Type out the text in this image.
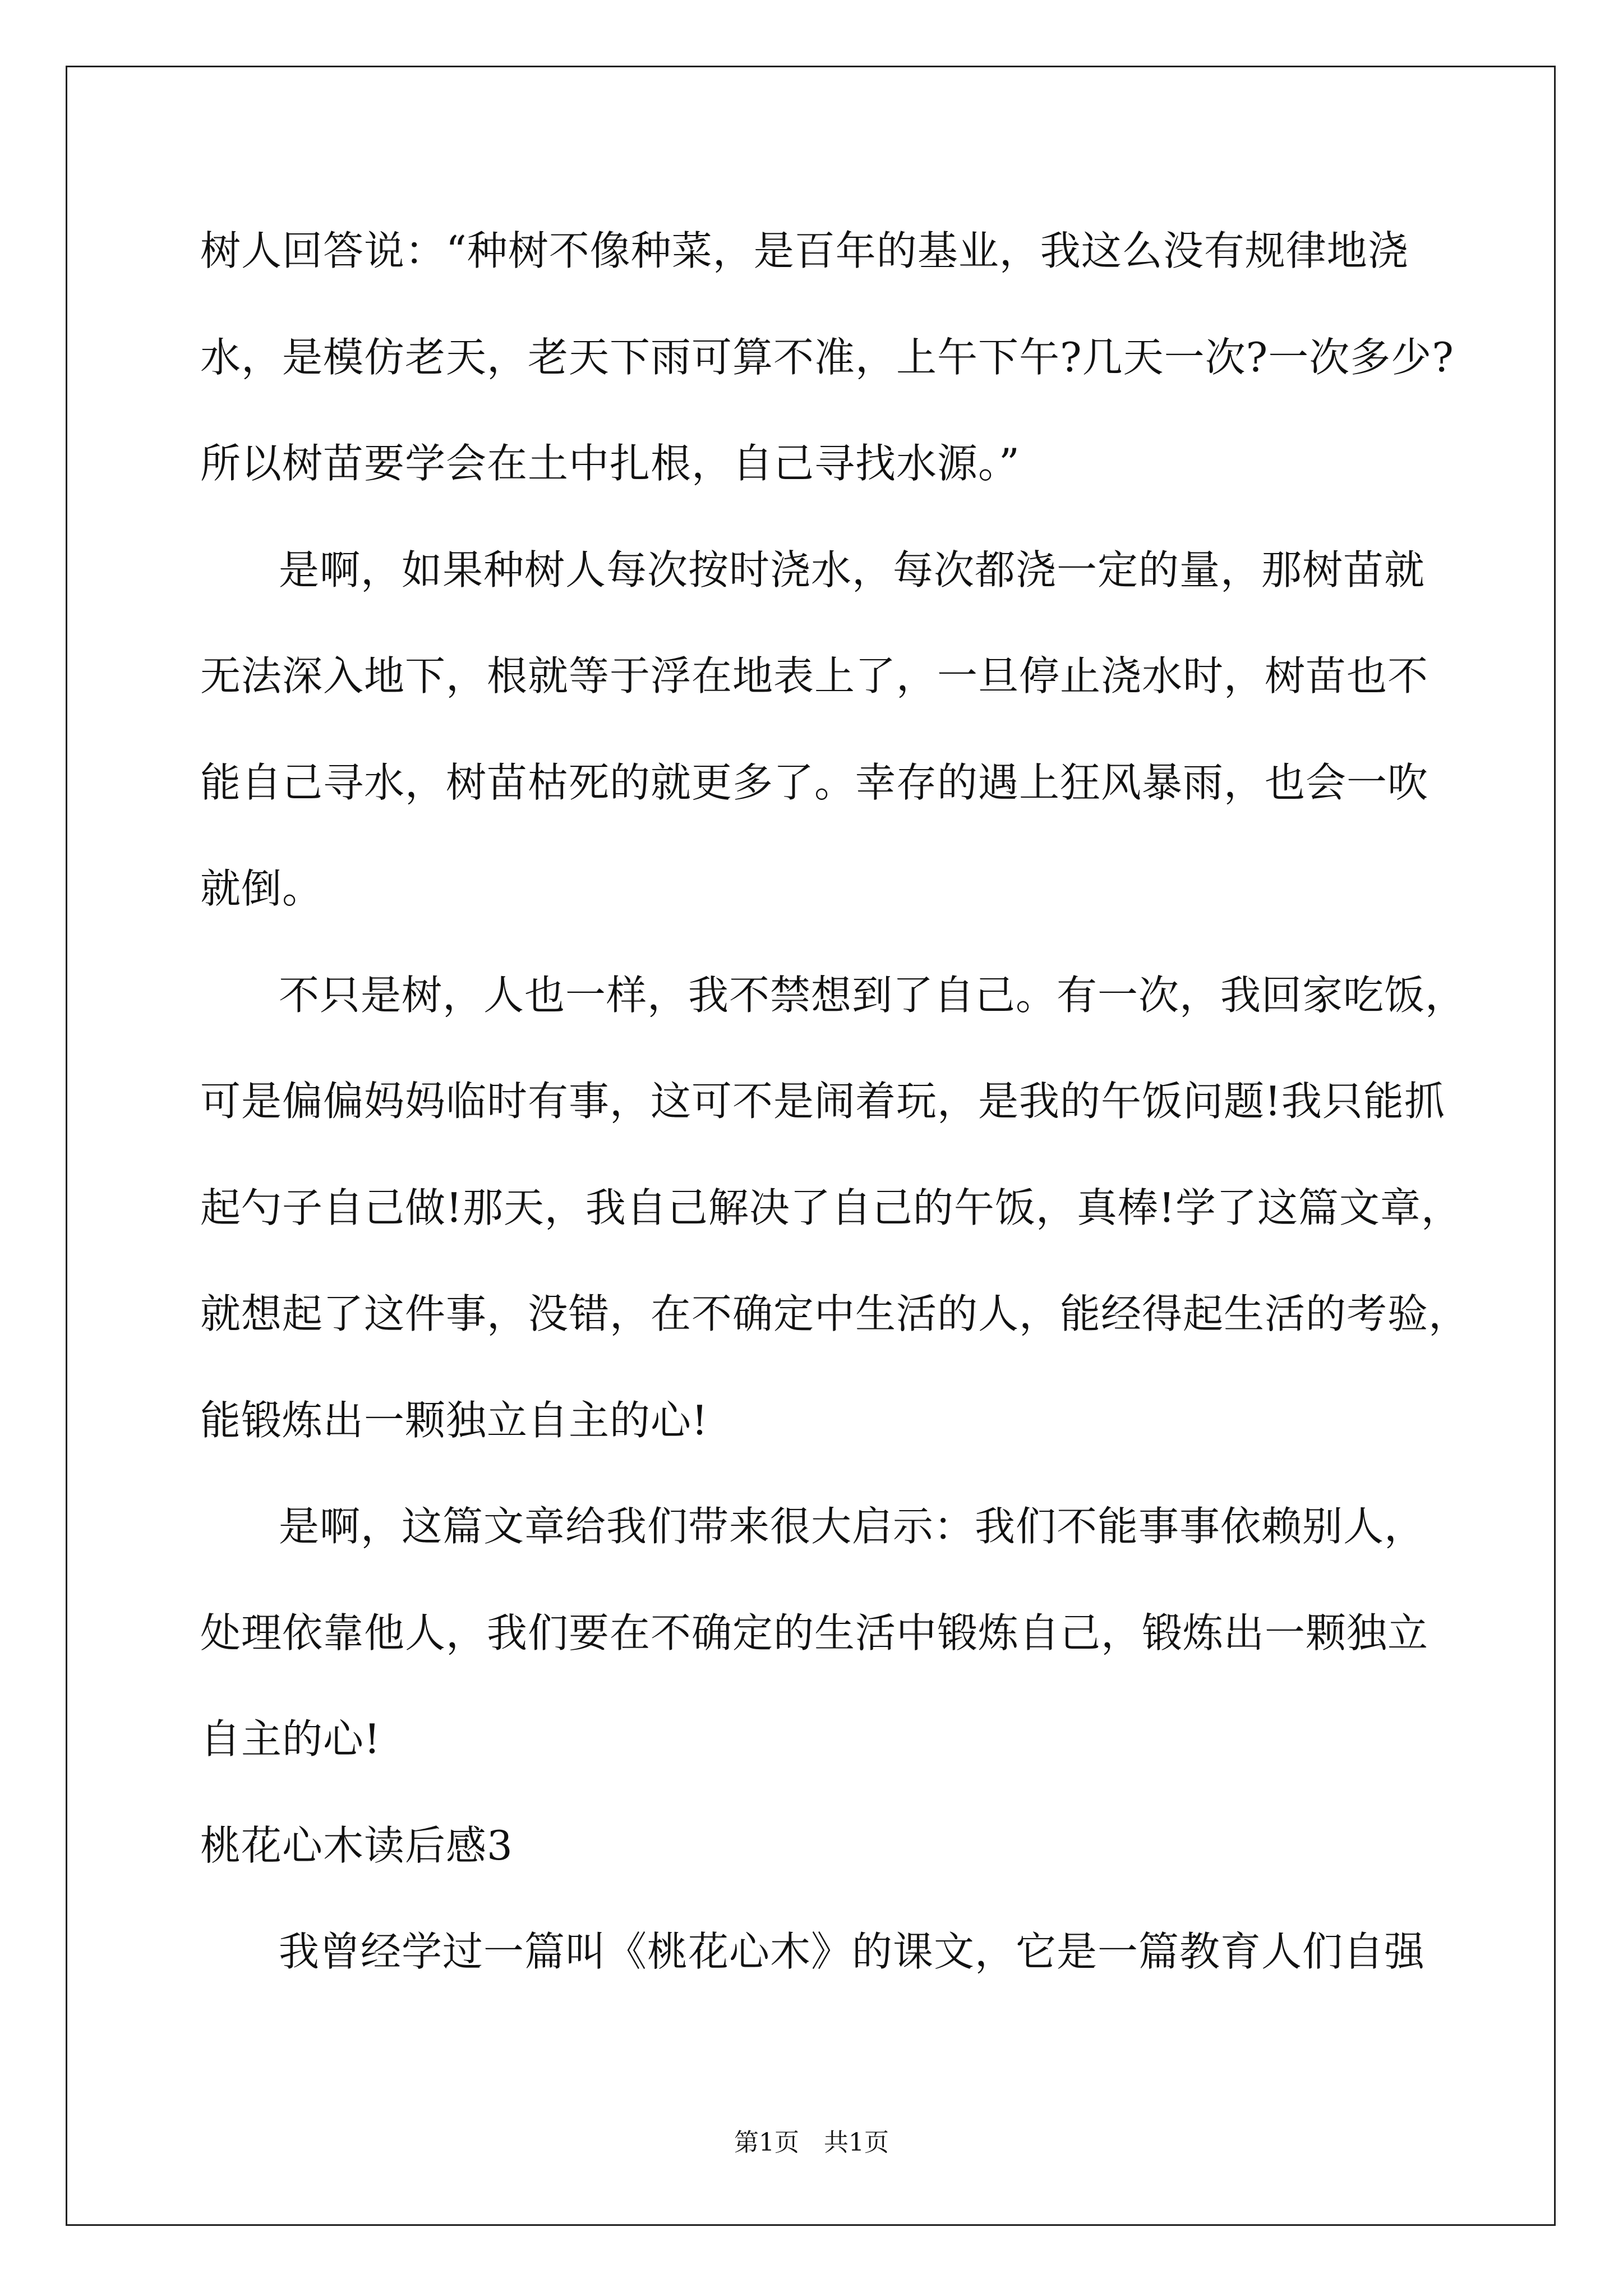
树人回答说：“种树不像种菜，是百年的基业，我这么没有规律地浇
水，是模仿老天，老天下雨可算不准，上午下午?几天一次?一次多少?
所以树苗要学会在土中扎根，自己寻找水源。”
是啊，如果种树人每次按时浇水，每次都浇一定的量，那树苗就
无法深入地下，根就等于浮在地表上了，一旦停止浇水时，树苗也不
能自己寻水，树苗枯死的就更多了。幸存的遇上狂风暴雨，也会一吹
就倒。
不只是树，人也一样，我不禁想到了自己。有一次，我回家吃饭，
可是偏偏妈妈临时有事，这可不是闹着玩，是我的午饭问题!我只能抓
起勺子自己做!那天，我自己解决了自己的午饭，真棒!学了这篇文章，
就想起了这件事，没错，在不确定中生活的人，能经得起生活的考验，
能锻炼出一颗独立自主的心!
是啊，这篇文章给我们带来很大启示：我们不能事事依赖别人，
处理依靠他人，我们要在不确定的生活中锻炼自己，锻炼出一颗独立
自主的心!
桃花心木读后感3
我曾经学过一篇叫《桃花心木》的课文，它是一篇教育人们自强
第1页 共1页
